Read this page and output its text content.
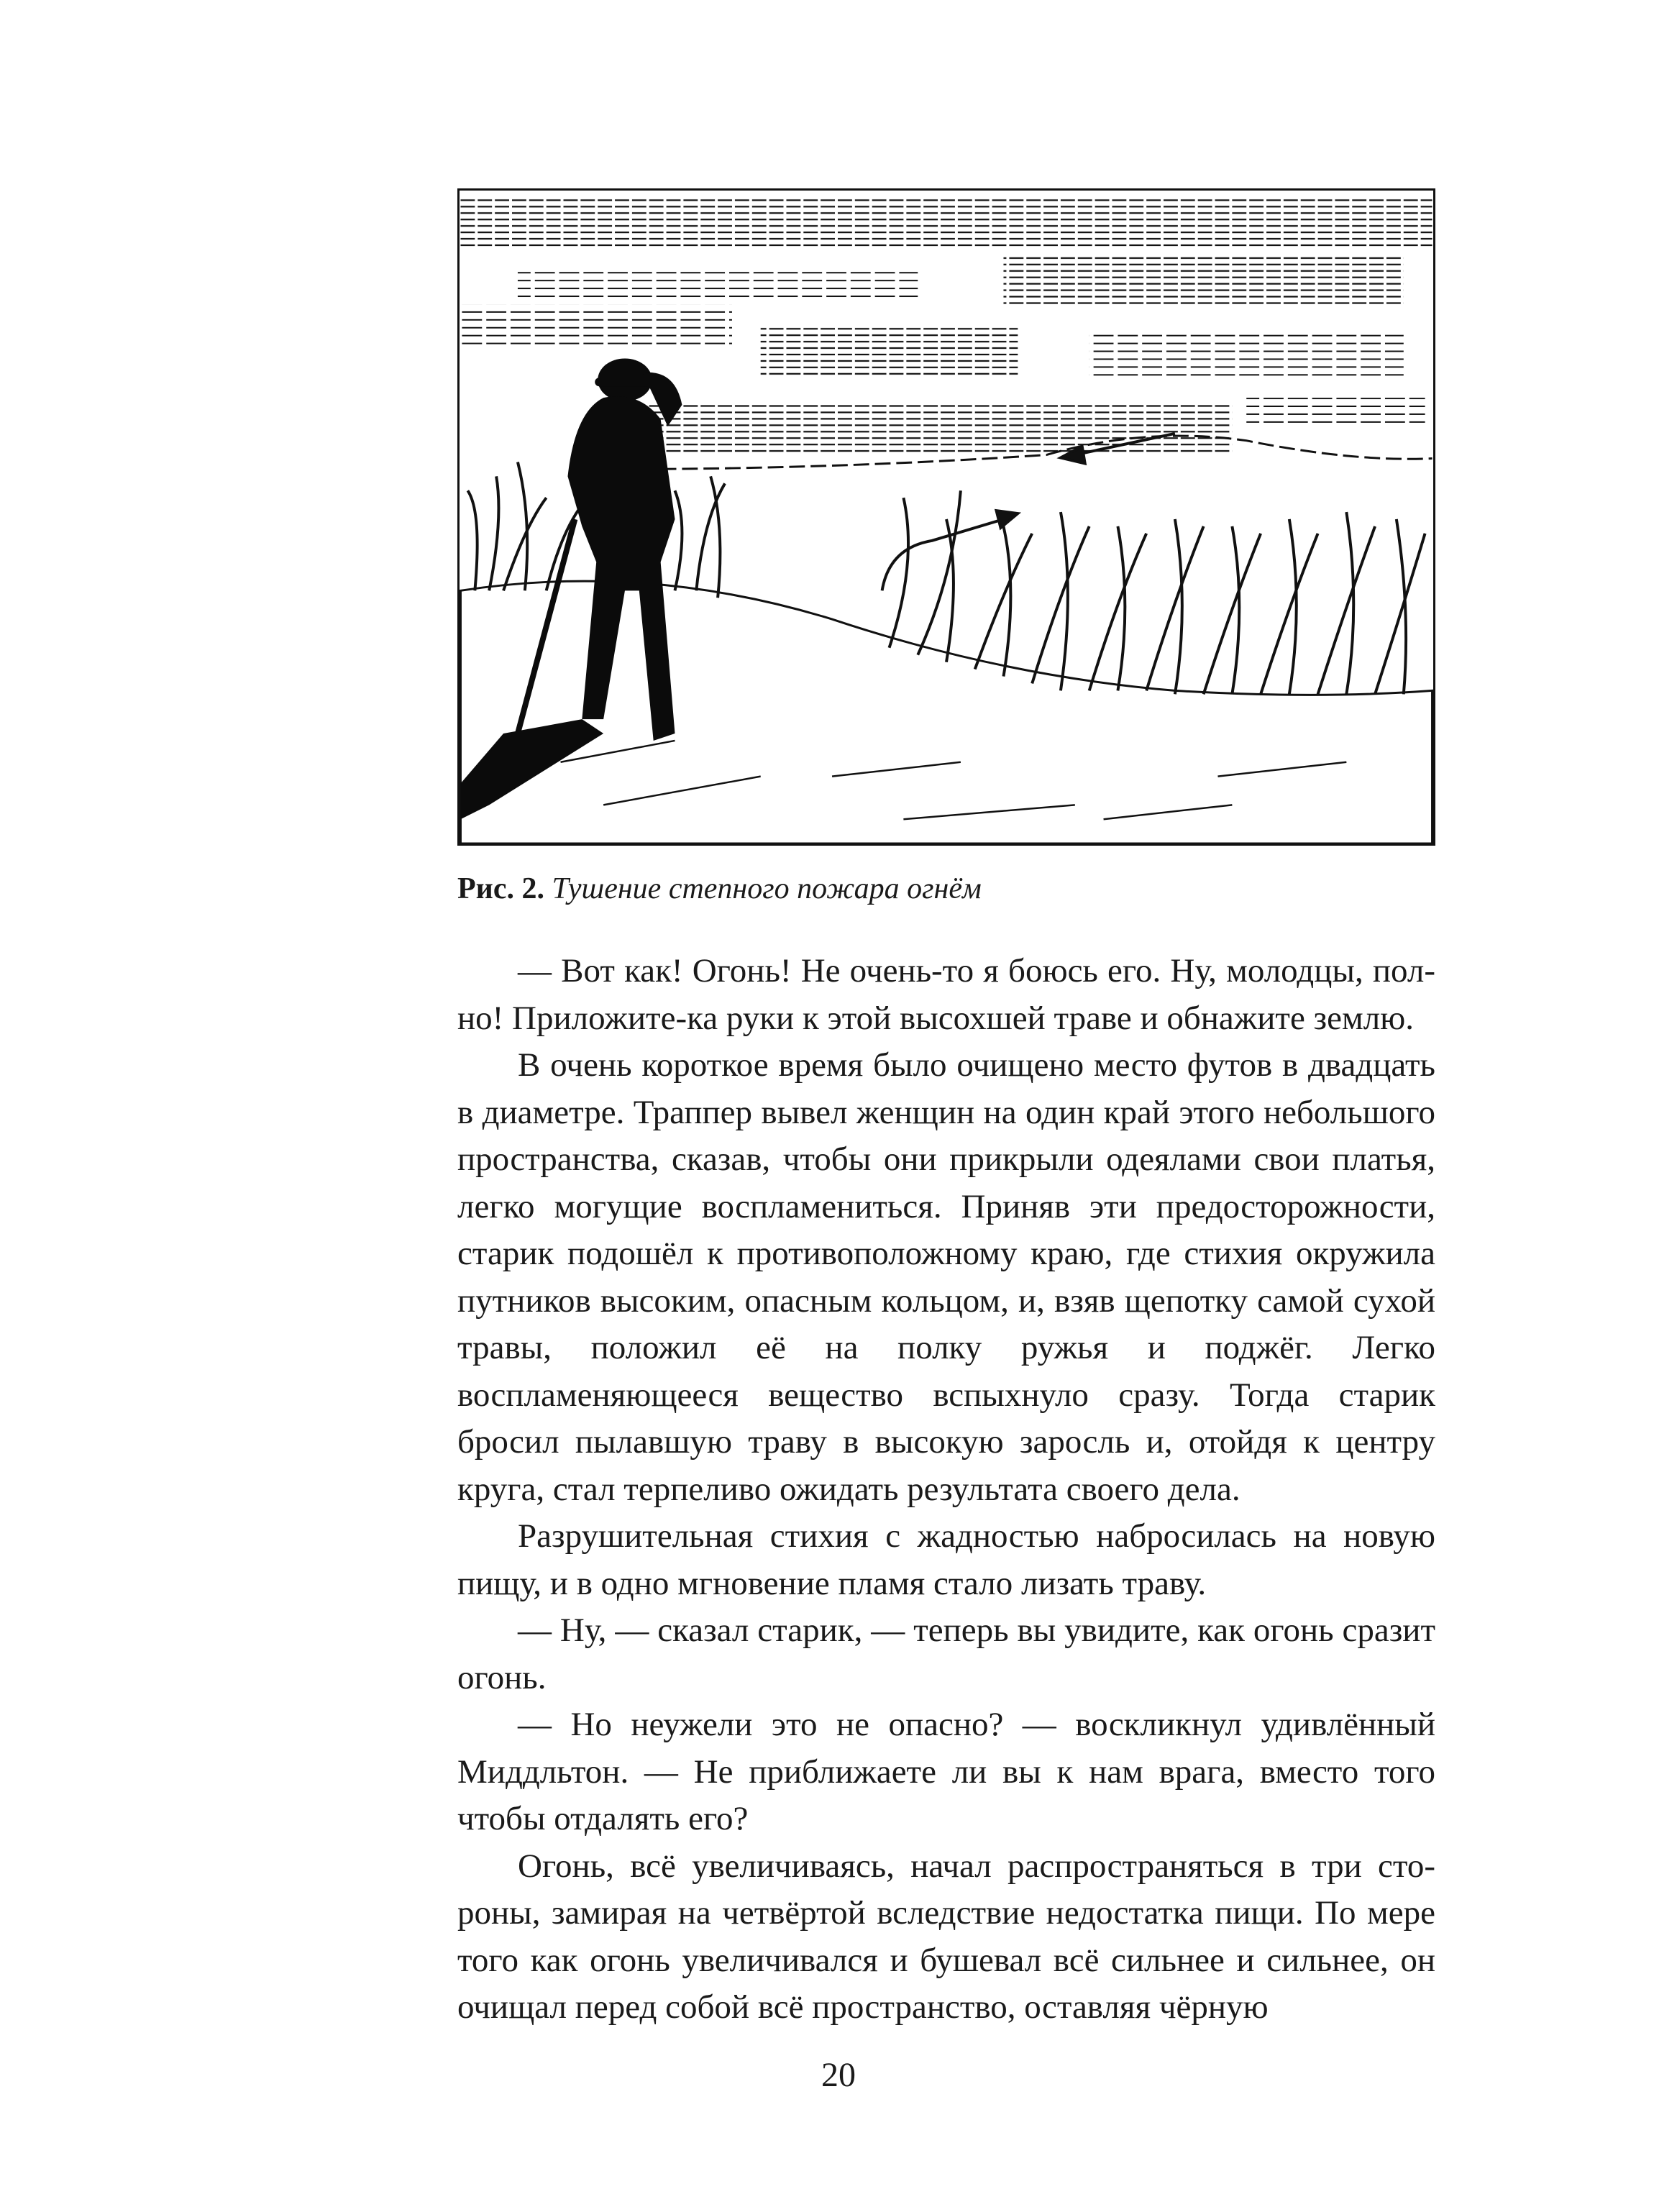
Рис. 2. Тушение степного пожара огнём

— Вот как! Огонь! Не очень-то я боюсь его. Ну, молодцы, полно! Приложите-ка руки к этой высохшей траве и обнажите землю.

В очень короткое время было очищено место футов в двадцать в диаметре. Траппер вывел женщин на один край этого небольшого пространства, сказав, чтобы они прикрыли одеялами свои платья, легко могущие воспламениться. Приняв эти предосторожности, старик подошёл к противоположному краю, где стихия окружила путников высоким, опасным кольцом, и, взяв щепотку самой сухой травы, положил её на полку ружья и поджёг. Легко воспламеняющееся вещество вспыхнуло сразу. Тогда старик бросил пылавшую траву в высокую заросль и, отойдя к центру круга, стал терпеливо ожидать результата своего дела.

Разрушительная стихия с жадностью набросилась на новую пищу, и в одно мгновение пламя стало лизать траву.

— Ну, — сказал старик, — теперь вы увидите, как огонь сразит огонь.

— Но неужели это не опасно? — воскликнул удивлённый Миддльтон. — Не приближаете ли вы к нам врага, вместо того чтобы отдалять его?

Огонь, всё увеличиваясь, начал распространяться в три стороны, замирая на четвёртой вследствие недостатка пищи. По мере того как огонь увеличивался и бушевал всё сильнее и сильнее, он очищал перед собой всё пространство, оставляя чёрную

20
